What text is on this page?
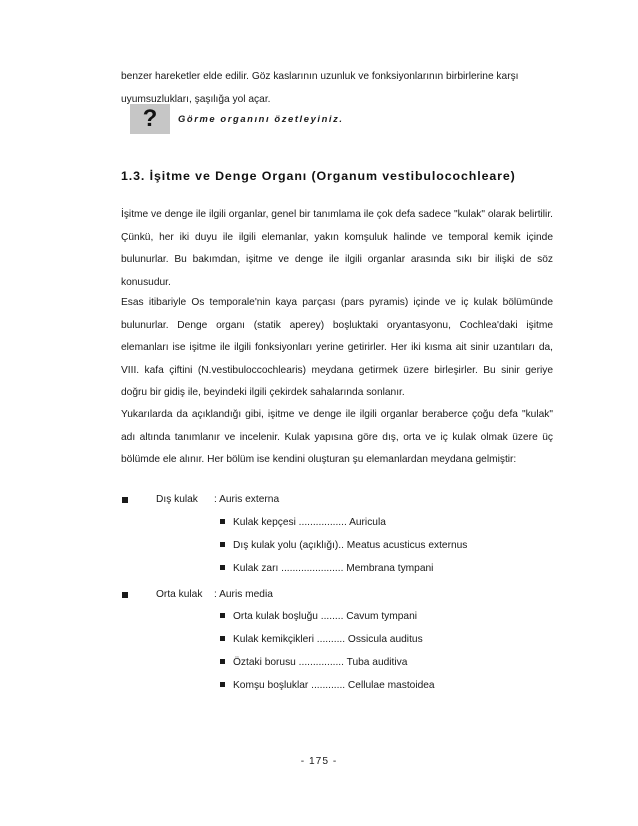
benzer hareketler elde edilir. Göz kaslarının uzunluk ve fonksiyonlarının birbirlerine karşı
uyumsuzlukları, şaşılığa yol açar.

? Görme organını özetleyiniz.
1.3. İşitme ve Denge Organı (Organum vestibulocochleare)

İşitme ve denge ile ilgili organlar, genel bir tanımlama ile çok defa sadece "kulak" olarak belirtilir. Çünkü, her iki duyu ile ilgili elemanlar, yakın komşuluk halinde ve temporal kemik içinde bulunurlar. Bu bakımdan, işitme ve denge ile ilgili organlar arasında sıkı bir ilişki de söz konusudur.

Esas itibariyle Os temporale'nin kaya parçası (pars pyramis) içinde ve iç kulak bölümünde bulunurlar. Denge organı (statik aperey) boşluktaki oryantasyonu, Cochlea'daki işitme elemanları ise işitme ile ilgili fonksiyonları yerine getirirler. Her iki kısma ait sinir uzantıları da, VIII. kafa çiftini (N.vestibuloccochlearis) meydana getirmek üzere birleşirler. Bu sinir geriye doğru bir gidiş ile, beyindeki ilgili çekirdek sahalarında sonlanır.

Yukarılarda da açıklandığı gibi, işitme ve denge ile ilgili organlar beraberce çoğu defa "kulak" adı altında tanımlanır ve incelenir. Kulak yapısına göre dış, orta ve iç kulak olmak üzere üç bölümde ele alınır. Her bölüm ise kendini oluşturan şu elemanlardan meydana gelmiştir:

Dış kulak : Auris externa
Kulak kepçesi ................. Auricula
Dış kulak yolu (açıklığı).. Meatus acusticus externus
Kulak zarı ...................... Membrana tympani
Orta kulak : Auris media
Orta kulak boşluğu ........ Cavum tympani
Kulak kemikçikleri .......... Ossicula auditus
Öztaki borusu ................ Tuba auditiva
Komşu boşluklar ............ Cellulae mastoidea
- 175 -
